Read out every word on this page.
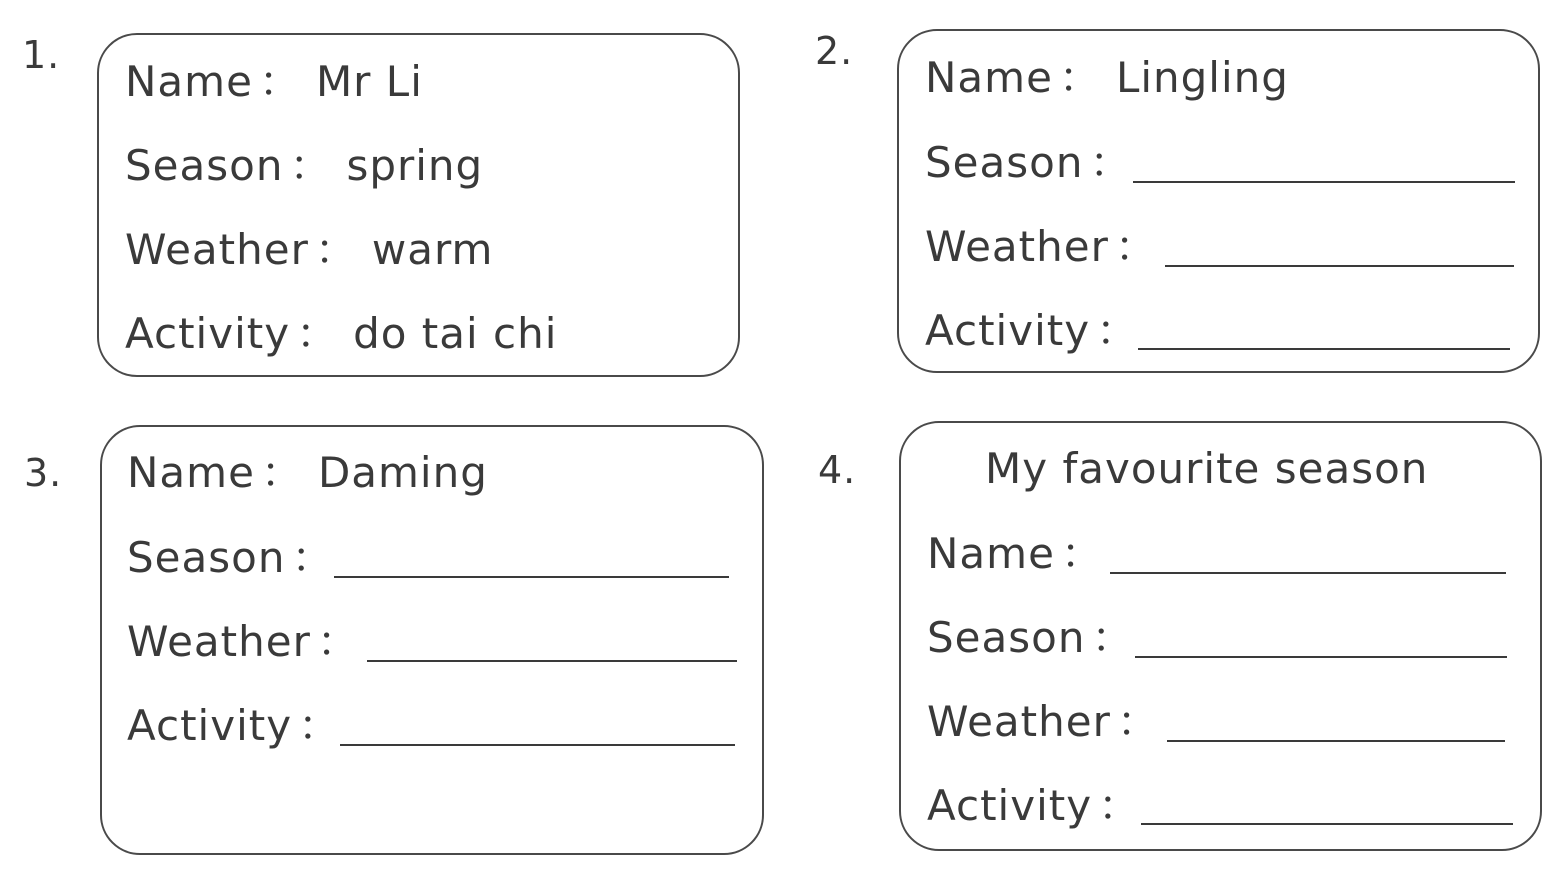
1.
Name ： Mr Li
Season ： spring
Weather ： warm
Activity ： do tai chi
2.
Name ： Lingling
Season ：
Weather ：
Activity ：
3. Name ： Daming
Season ：
Weather ：
Activity ：
4.	My favourite season
Name ：
Season ：
Weather ：
Activity ：
